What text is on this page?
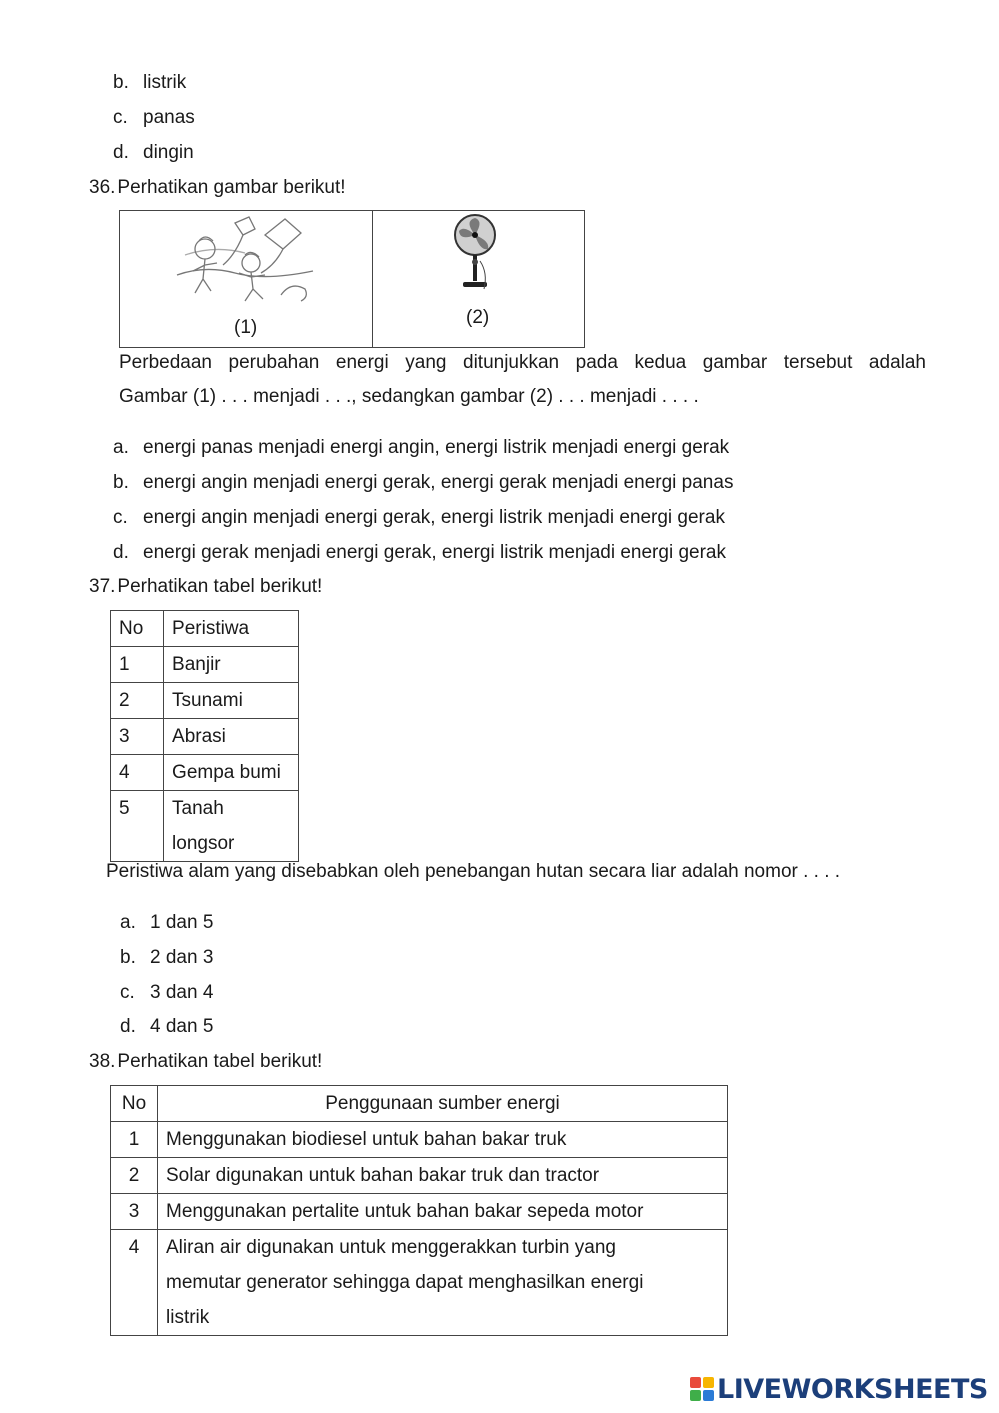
b. listrik
c. panas
d. dingin
36. Perhatikan gambar berikut!
(1)	(2)
Perbedaan perubahan energi yang ditunjukkan pada kedua gambar tersebut adalah
Gambar (1) . . . menjadi . . ., sedangkan gambar (2) . . . menjadi . . . .
a. energi panas menjadi energi angin, energi listrik menjadi energi gerak
b. energi angin menjadi energi gerak, energi gerak menjadi energi panas
c. energi angin menjadi energi gerak, energi listrik menjadi energi gerak
d. energi gerak menjadi energi gerak, energi listrik menjadi energi gerak
37. Perhatikan tabel berikut!
No	Peristiwa
1	Banjir
2	Tsunami
3	Abrasi
4	Gempa bumi
5	Tanah longsor
Peristiwa alam yang disebabkan oleh penebangan hutan secara liar adalah nomor . . . .
a. 1 dan 5
b. 2 dan 3
c. 3 dan 4
d. 4 dan 5
38. Perhatikan tabel berikut!
No	Penggunaan sumber energi
1	Menggunakan biodiesel untuk bahan bakar truk
2	Solar digunakan untuk bahan bakar truk dan tractor
3	Menggunakan pertalite untuk bahan bakar sepeda motor
4	Aliran air digunakan untuk menggerakkan turbin yang memutar generator sehingga dapat menghasilkan energi listrik
LIVEWORKSHEETS
